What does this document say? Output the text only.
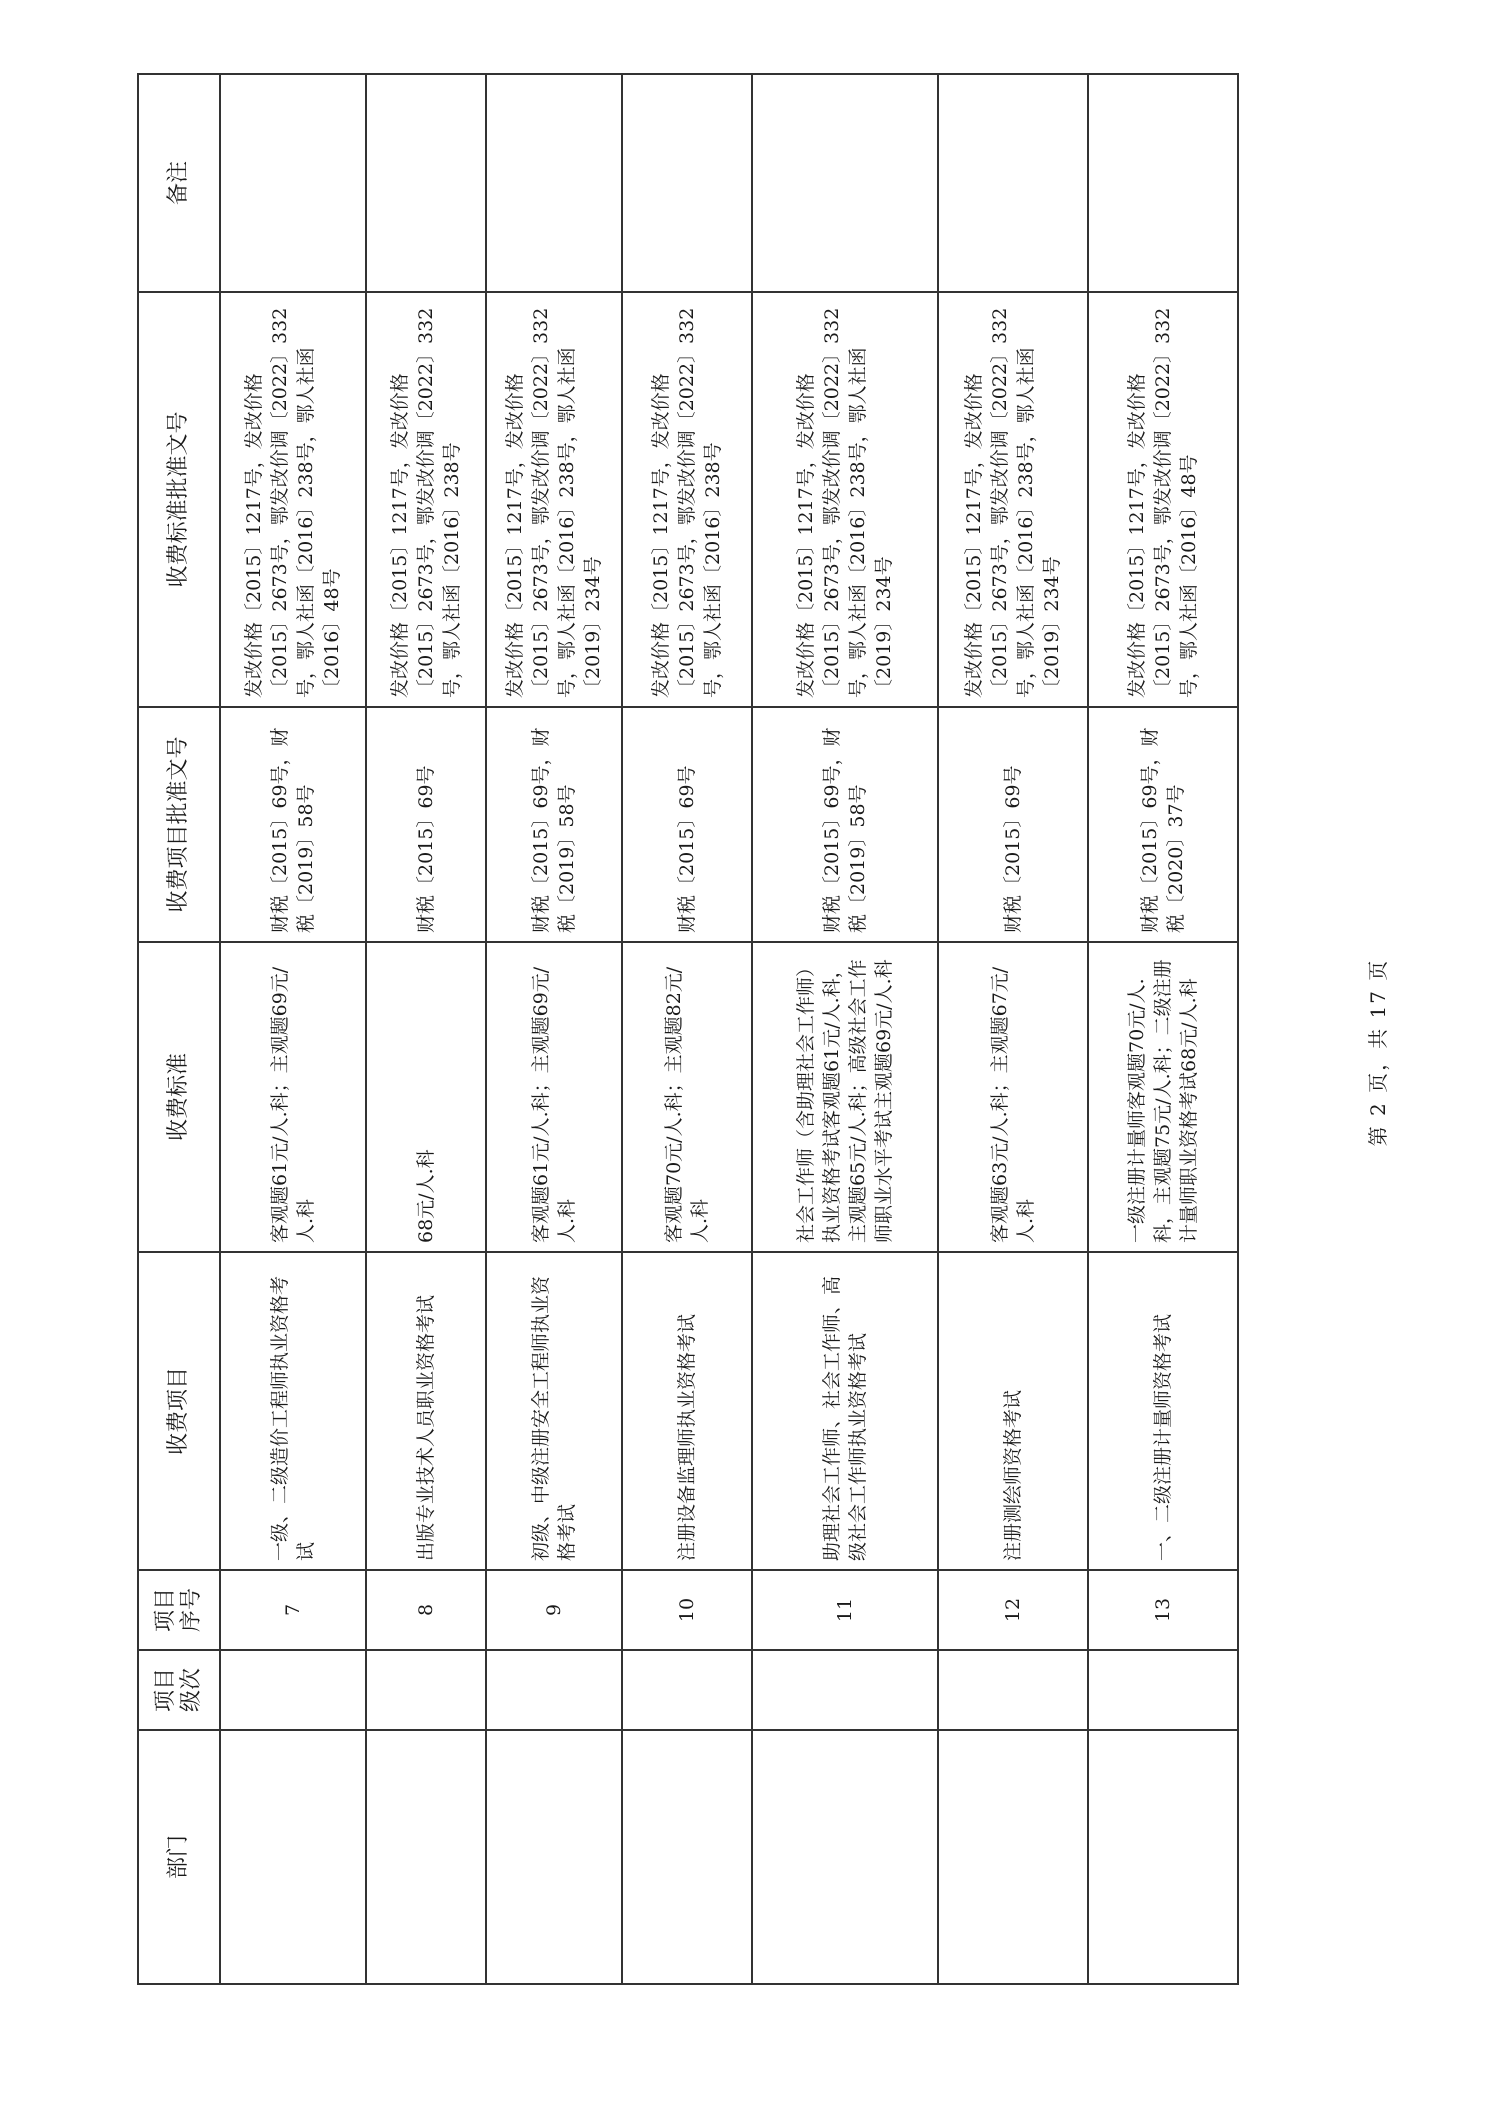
部门	项目级次	项目序号	收费项目	收费标准	收费项目批准文号	收费标准批准文号	备注
		7	一级、二级造价工程师执业资格考试	客观题61元/人.科；主观题69元/人.科	财税〔2015〕69号，财税〔2019〕58号	发改价格〔2015〕1217号，发改价格〔2015〕2673号，鄂发改价调〔2022〕332号，鄂人社函〔2016〕238号，鄂人社函〔2016〕48号	
		8	出版专业技术人员职业资格考试	68元/人.科	财税〔2015〕69号	发改价格〔2015〕1217号，发改价格〔2015〕2673号，鄂发改价调〔2022〕332号，鄂人社函〔2016〕238号	
		9	初级、中级注册安全工程师执业资格考试	客观题61元/人.科；主观题69元/人.科	财税〔2015〕69号，财税〔2019〕58号	发改价格〔2015〕1217号，发改价格〔2015〕2673号，鄂发改价调〔2022〕332号，鄂人社函〔2016〕238号，鄂人社函〔2019〕234号	
		10	注册设备监理师执业资格考试	客观题70元/人.科；主观题82元/人.科	财税〔2015〕69号	发改价格〔2015〕1217号，发改价格〔2015〕2673号，鄂发改价调〔2022〕332号，鄂人社函〔2016〕238号	
		11	助理社会工作师、社会工作师、高级社会工作师执业资格考试	社会工作师（含助理社会工作师）执业资格考试客观题61元/人.科，主观题65元/人.科；高级社会工作师职业水平考试主观题69元/人.科	财税〔2015〕69号，财税〔2019〕58号	发改价格〔2015〕1217号，发改价格〔2015〕2673号，鄂发改价调〔2022〕332号，鄂人社函〔2016〕238号，鄂人社函〔2019〕234号	
		12	注册测绘师资格考试	客观题63元/人.科；主观题67元/人.科	财税〔2015〕69号	发改价格〔2015〕1217号，发改价格〔2015〕2673号，鄂发改价调〔2022〕332号，鄂人社函〔2016〕238号，鄂人社函〔2019〕234号	
		13	一、二级注册计量师资格考试	一级注册计量师客观题70元/人.科，主观题75元/人.科；二级注册计量师职业资格考试68元/人.科	财税〔2015〕69号，财税〔2020〕37号	发改价格〔2015〕1217号，发改价格〔2015〕2673号，鄂发改价调〔2022〕332号，鄂人社函〔2016〕48号	
第 2 页，共 17 页
